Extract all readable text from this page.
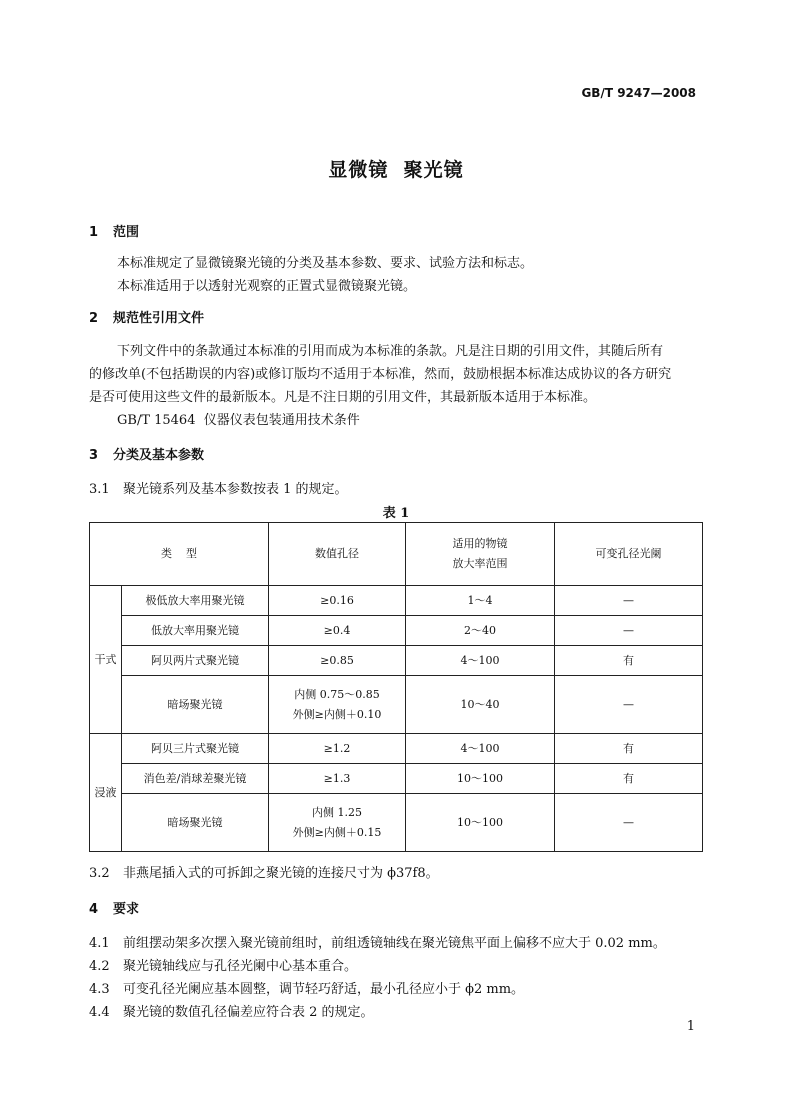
GB/T 9247—2008
显微镜  聚光镜
1 范围
本标准规定了显微镜聚光镜的分类及基本参数、要求、试验方法和标志。
本标准适用于以透射光观察的正置式显微镜聚光镜。
2 规范性引用文件
下列文件中的条款通过本标准的引用而成为本标准的条款。凡是注日期的引用文件，其随后所有
的修改单(不包括勘误的内容)或修订版均不适用于本标准，然而，鼓励根据本标准达成协议的各方研究
是否可使用这些文件的最新版本。凡是不注日期的引用文件，其最新版本适用于本标准。
GB/T 15464  仪器仪表包装通用技术条件
3 分类及基本参数
3.1 聚光镜系列及基本参数按表 1 的规定。
表 1
类    型		数值孔径	适用的物镜
放大率范围	可变孔径光阑
干式	极低放大率用聚光镜	≥0.16	1～4	—
	低放大率用聚光镜	≥0.4	2～40	—
	阿贝两片式聚光镜	≥0.85	4～100	有
	暗场聚光镜	内侧 0.75～0.85
外侧≥内侧＋0.10	10～40	—
浸液	阿贝三片式聚光镜	≥1.2	4～100	有
	消色差/消球差聚光镜	≥1.3	10～100	有
	暗场聚光镜	内侧 1.25
外侧≥内侧＋0.15	10～100	—
3.2 非燕尾插入式的可拆卸之聚光镜的连接尺寸为 ϕ37f8。
4 要求
4.1 前组摆动架多次摆入聚光镜前组时，前组透镜轴线在聚光镜焦平面上偏移不应大于 0.02 mm。
4.2 聚光镜轴线应与孔径光阑中心基本重合。
4.3 可变孔径光阑应基本圆整，调节轻巧舒适，最小孔径应小于 ϕ2 mm。
4.4 聚光镜的数值孔径偏差应符合表 2 的规定。
1
